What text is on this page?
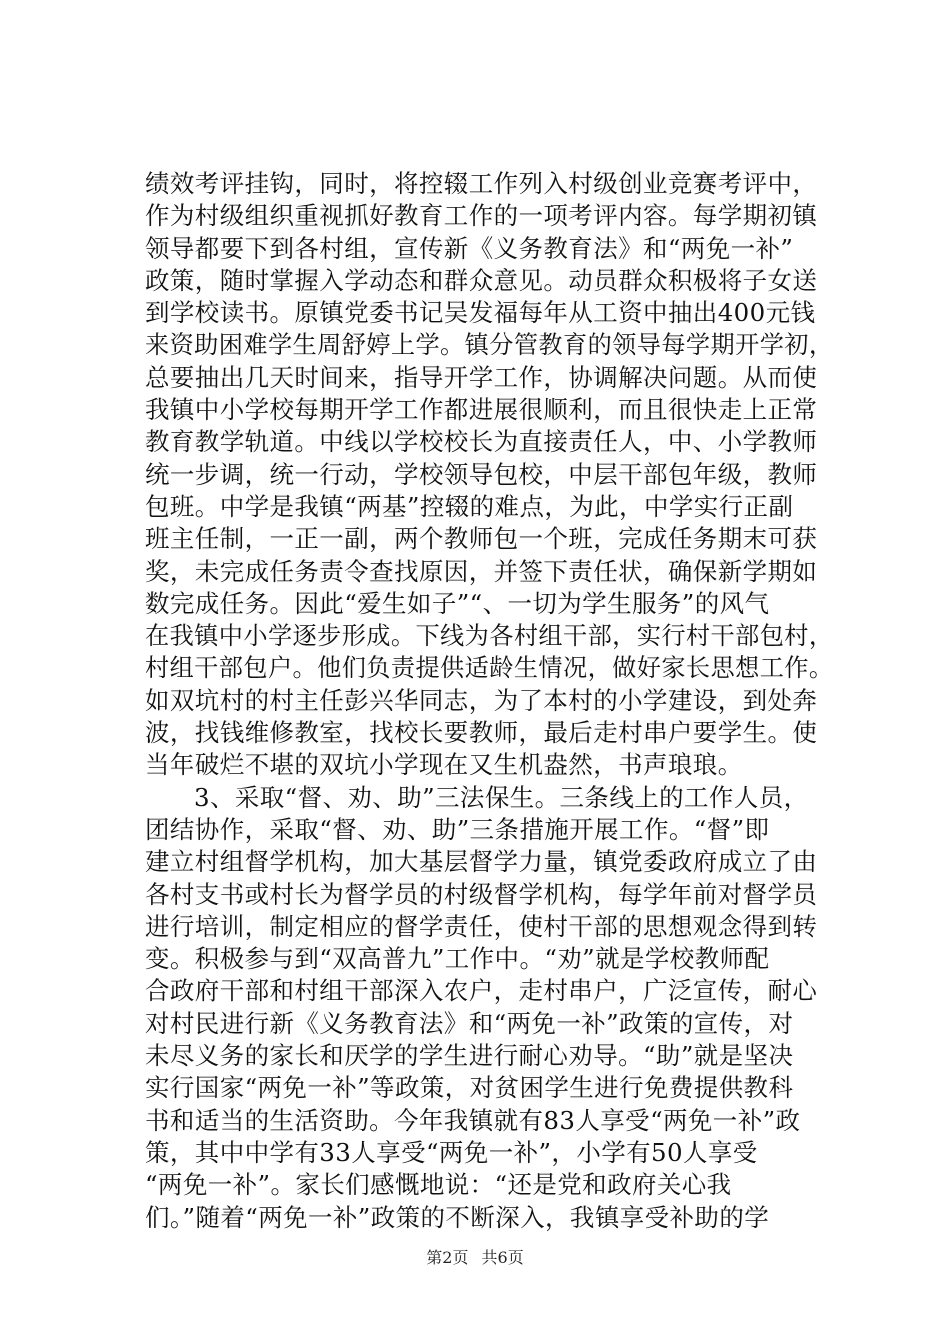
绩效考评挂钩，同时，将控辍工作列入村级创业竞赛考评中，
作为村级组织重视抓好教育工作的一项考评内容。每学期初镇
领导都要下到各村组，宣传新《义务教育法》和“两免一补”
政策，随时掌握入学动态和群众意见。动员群众积极将子女送
到学校读书。原镇党委书记吴发福每年从工资中抽出400元钱
来资助困难学生周舒婷上学。镇分管教育的领导每学期开学初，
总要抽出几天时间来，指导开学工作，协调解决问题。从而使
我镇中小学校每期开学工作都进展很顺利，而且很快走上正常
教育教学轨道。中线以学校校长为直接责任人，中、小学教师
统一步调，统一行动，学校领导包校，中层干部包年级，教师
包班。中学是我镇“两基”控辍的难点，为此，中学实行正副
班主任制，一正一副，两个教师包一个班，完成任务期末可获
奖，未完成任务责令查找原因，并签下责任状，确保新学期如
数完成任务。因此“爱生如子”“、一切为学生服务”的风气
在我镇中小学逐步形成。下线为各村组干部，实行村干部包村，
村组干部包户。他们负责提供适龄生情况，做好家长思想工作。
如双坑村的村主任彭兴华同志，为了本村的小学建设，到处奔
波，找钱维修教室，找校长要教师，最后走村串户要学生。使
当年破烂不堪的双坑小学现在又生机盎然，书声琅琅。
3、采取“督、劝、助”三法保生。三条线上的工作人员，
团结协作，采取“督、劝、助”三条措施开展工作。“督”即
建立村组督学机构，加大基层督学力量，镇党委政府成立了由
各村支书或村长为督学员的村级督学机构，每学年前对督学员
进行培训，制定相应的督学责任，使村干部的思想观念得到转
变。积极参与到“双高普九”工作中。“劝”就是学校教师配
合政府干部和村组干部深入农户，走村串户，广泛宣传，耐心
对村民进行新《义务教育法》和“两免一补”政策的宣传，对
未尽义务的家长和厌学的学生进行耐心劝导。“助”就是坚决
实行国家“两免一补”等政策，对贫困学生进行免费提供教科
书和适当的生活资助。今年我镇就有83人享受“两免一补”政
策，其中中学有33人享受“两免一补”，小学有50人享受
“两免一补”。家长们感慨地说：“还是党和政府关心我
们。”随着“两免一补”政策的不断深入，我镇享受补助的学
第2页 共6页
